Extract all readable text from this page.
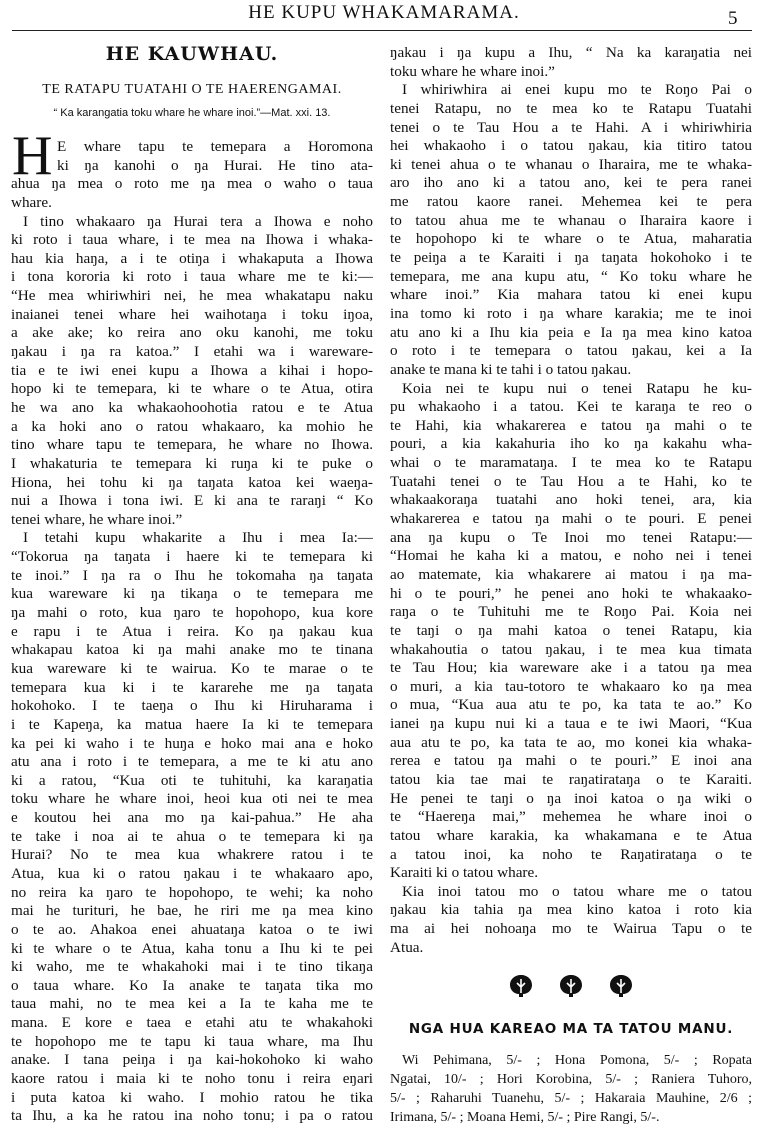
HE KUPU WHAKAMARAMA.	5
HE KAUWHAU.
TE RATAPU TUATAHI O TE HAERENGAMAI.
“ Ka karangatia toku whare he whare inoi.”—Mat. xxi. 13.
H E whare tapu te temepara a Horomona
ki ŋa kanohi o ŋa Hurai. He tino ata-
ahua ŋa mea o roto me ŋa mea o waho o taua
whare.
I tino whakaaro ŋa Hurai tera a Ihowa e noho
ki roto i taua whare, i te mea na Ihowa i whaka-
hau kia haŋa, a i te otiŋa i whakaputa a Ihowa
i tona kororia ki roto i taua whare me te ki:—
“He mea whiriwhiri nei, he mea whakatapu naku
inaianei tenei whare hei waihotaŋa i toku iŋoa,
a ake ake; ko reira ano oku kanohi, me toku
ŋakau i ŋa ra katoa.” I etahi wa i wareware-
tia e te iwi enei kupu a Ihowa a kihai i hopo-
hopo ki te temepara, ki te whare o te Atua, otira
he wa ano ka whakaohoohotia ratou e te Atua
a ka hoki ano o ratou whakaaro, ka mohio he
tino whare tapu te temepara, he whare no Ihowa.
I whakaturia te temepara ki ruŋa ki te puke o
Hiona, hei tohu ki ŋa taŋata katoa kei waeŋa-
nui a Ihowa i tona iwi. E ki ana te raraŋi “ Ko
tenei whare, he whare inoi.”
I tetahi kupu whakarite a Ihu i mea Ia:—
“Tokorua ŋa taŋata i haere ki te temepara ki
te inoi.” I ŋa ra o Ihu he tokomaha ŋa taŋata
kua wareware ki ŋa tikaŋa o te temepara me
ŋa mahi o roto, kua ŋaro te hopohopo, kua kore
e rapu i te Atua i reira. Ko ŋa ŋakau kua
whakapau katoa ki ŋa mahi anake mo te tinana
kua wareware ki te wairua. Ko te marae o te
temepara kua ki i te kararehe me ŋa taŋata
hokohoko. I te taeŋa o Ihu ki Hiruharama i
i te Kapeŋa, ka matua haere Ia ki te temepara
ka pei ki waho i te huŋa e hoko mai ana e hoko
atu ana i roto i te temepara, a me te ki atu ano
ki a ratou, “Kua oti te tuhituhi, ka karaŋatia
toku whare he whare inoi, heoi kua oti nei te mea
e koutou hei ana mo ŋa kai-pahua.” He aha
te take i noa ai te ahua o te temepara ki ŋa
Hurai? No te mea kua whakrere ratou i te
Atua, kua ki o ratou ŋakau i te whakaaro apo,
no reira ka ŋaro te hopohopo, te wehi; ka noho
mai he turituri, he bae, he riri me ŋa mea kino
o te ao. Ahakoa enei ahuataŋa katoa o te iwi
ki te whare o te Atua, kaha tonu a Ihu ki te pei
ki waho, me te whakahoki mai i te tino tikaŋa
o taua whare. Ko Ia anake te taŋata tika mo
taua mahi, no te mea kei a Ia te kaha me te
mana. E kore e taea e etahi atu te whakahoki
te hopohopo me te tapu ki taua whare, ma Ihu
anake. I tana peiŋa i ŋa kai-hokohoko ki waho
kaore ratou i maia ki te noho tonu i reira eŋari
i puta katoa ki waho. I mohio ratou he tika
ta Ihu, a ka he ratou ina noho tonu; i pa o ratou
ŋakau i ŋa kupu a Ihu, “ Na ka karaŋatia nei
toku whare he whare inoi.”
I whiriwhira ai enei kupu mo te Roŋo Pai o
tenei Ratapu, no te mea ko te Ratapu Tuatahi
tenei o te Tau Hou a te Hahi. A i whiriwhiria
hei whakaoho i o tatou ŋakau, kia titiro tatou
ki tenei ahua o te whanau o Iharaira, me te whaka-
aro iho ano ki a tatou ano, kei te pera ranei
me ratou kaore ranei. Mehemea kei te pera
to tatou ahua me te whanau o Iharaira kaore i
te hopohopo ki te whare o te Atua, maharatia
te peiŋa a te Karaiti i ŋa taŋata hokohoko i te
temepara, me ana kupu atu, “ Ko toku whare he
whare inoi.” Kia mahara tatou ki enei kupu
ina tomo ki roto i ŋa whare karakia; me te inoi
atu ano ki a Ihu kia peia e Ia ŋa mea kino katoa
o roto i te temepara o tatou ŋakau, kei a Ia
anake te mana ki te tahi i o tatou ŋakau.
Koia nei te kupu nui o tenei Ratapu he ku-
pu whakaoho i a tatou. Kei te karaŋa te reo o
te Hahi, kia whakarerea e tatou ŋa mahi o te
pouri, a kia kakahuria iho ko ŋa kakahu wha-
whai o te maramataŋa. I te mea ko te Ratapu
Tuatahi tenei o te Tau Hou a te Hahi, ko te
whakaakoraŋa tuatahi ano hoki tenei, ara, kia
whakarerea e tatou ŋa mahi o te pouri. E penei
ana ŋa kupu o Te Inoi mo tenei Ratapu:—
“Homai he kaha ki a matou, e noho nei i tenei
ao matemate, kia whakarere ai matou i ŋa ma-
hi o te pouri,” he penei ano hoki te whakaako-
raŋa o te Tuhituhi me te Roŋo Pai. Koia nei
te taŋi o ŋa mahi katoa o tenei Ratapu, kia
whakahoutia o tatou ŋakau, i te mea kua timata
te Tau Hou; kia wareware ake i a tatou ŋa mea
o muri, a kia tau-totoro te whakaaro ko ŋa mea
o mua, “Kua aua atu te po, ka tata te ao.” Ko
ianei ŋa kupu nui ki a taua e te iwi Maori, “Kua
aua atu te po, ka tata te ao, mo konei kia whaka-
rerea e tatou ŋa mahi o te pouri.” E inoi ana
tatou kia tae mai te raŋatirataŋa o te Karaiti.
He penei te taŋi o ŋa inoi katoa o ŋa wiki o
te “Haereŋa mai,” mehemea he whare inoi o
tatou whare karakia, ka whakamana e te Atua
a tatou inoi, ka noho te Raŋatirataŋa o te
Karaiti ki o tatou whare.
Kia inoi tatou mo o tatou whare me o tatou
ŋakau kia tahia ŋa mea kino katoa i roto kia
ma ai hei nohoaŋa mo te Wairua Tapu o te
Atua.
NGA HUA KAREAO MA TA TATOU MANU.
Wi Pehimana, 5/- ; Hona Pomona, 5/- ; Ropata
Ngatai, 10/- ; Hori Korobina, 5/- ; Raniera Tuhoro,
5/- ; Raharuhi Tuanehu, 5/- ; Hakaraia Mauhine, 2/6 ;
Irimana, 5/- ; Moana Hemi, 5/- ; Pire Rangi, 5/-.
